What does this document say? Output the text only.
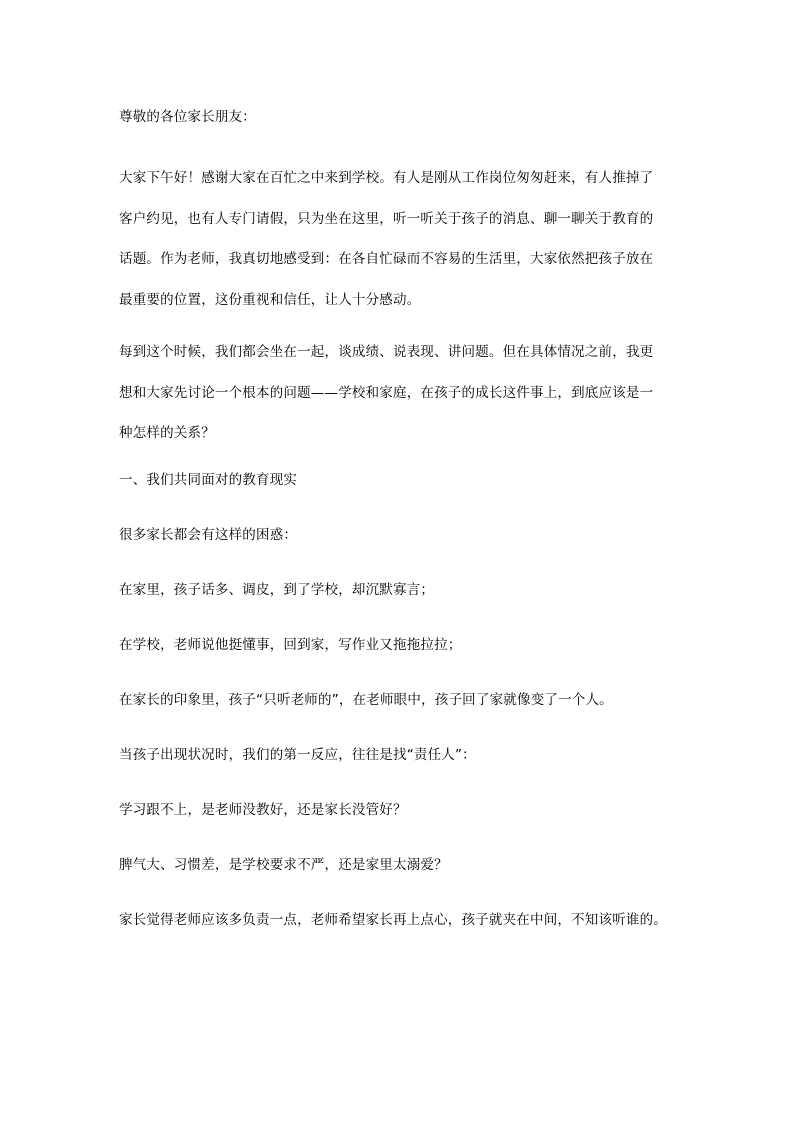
尊敬的各位家长朋友：

大家下午好！感谢大家在百忙之中来到学校。有人是刚从工作岗位匆匆赶来，有人推掉了
客户约见，也有人专门请假，只为坐在这里，听一听关于孩子的消息、聊一聊关于教育的
话题。作为老师，我真切地感受到：在各自忙碌而不容易的生活里，大家依然把孩子放在
最重要的位置，这份重视和信任，让人十分感动。

每到这个时候，我们都会坐在一起，谈成绩、说表现、讲问题。但在具体情况之前，我更
想和大家先讨论一个根本的问题——学校和家庭，在孩子的成长这件事上，到底应该是一
种怎样的关系？

一、我们共同面对的教育现实

很多家长都会有这样的困惑：

在家里，孩子话多、调皮，到了学校，却沉默寡言；

在学校，老师说他挺懂事，回到家，写作业又拖拖拉拉；

在家长的印象里，孩子“只听老师的”，在老师眼中，孩子回了家就像变了一个人。

当孩子出现状况时，我们的第一反应，往往是找“责任人”：

学习跟不上，是老师没教好，还是家长没管好？

脾气大、习惯差，是学校要求不严，还是家里太溺爱？

家长觉得老师应该多负责一点，老师希望家长再上点心，孩子就夹在中间，不知该听谁的。
